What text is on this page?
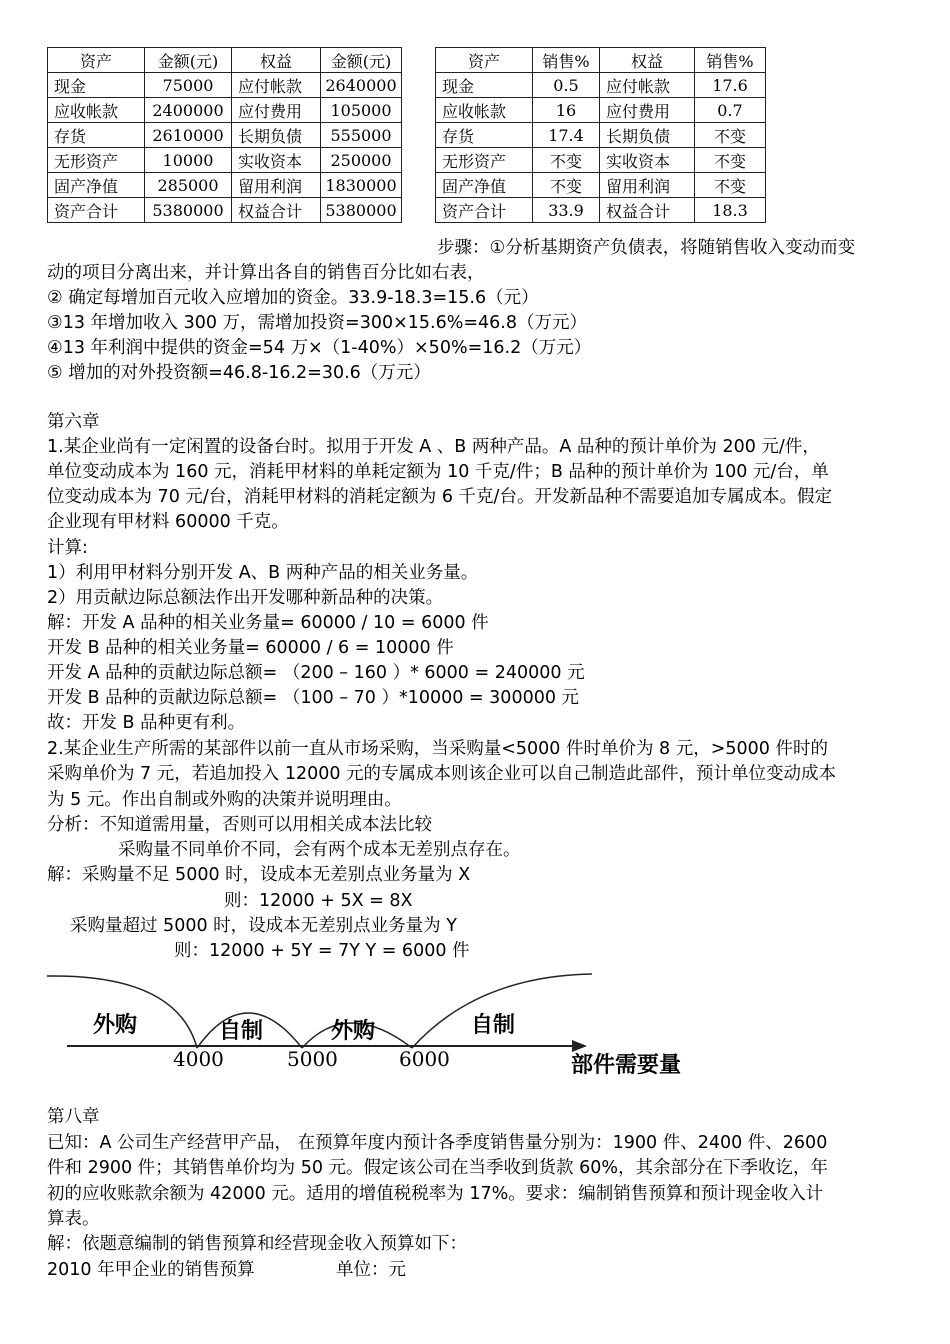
资产	金额(元)	权益	金额(元)
现金	75000	应付帐款	2640000
应收帐款	2400000	应付费用	105000
存货	2610000	长期负债	555000
无形资产	10000	实收资本	250000
固产净值	285000	留用利润	1830000
资产合计	5380000	权益合计	5380000
资产	销售%	权益	销售%
现金	0.5	应付帐款	17.6
应收帐款	16	应付费用	0.7
存货	17.4	长期负债	不变
无形资产	不变	实收资本	不变
固产净值	不变	留用利润	不变
资产合计	33.9	权益合计	18.3
步骤：①分析基期资产负债表，将随销售收入变动而变
动的项目分离出来，并计算出各自的销售百分比如右表，
② 确定每增加百元收入应增加的资金。33.9-18.3=15.6（元）
③13 年增加收入 300 万，需增加投资=300×15.6%=46.8（万元）
④13 年利润中提供的资金=54 万×（1-40%）×50%=16.2（万元）
⑤ 增加的对外投资额=46.8-16.2=30.6（万元）
第六章
1.某企业尚有一定闲置的设备台时。拟用于开发 A 、B 两种产品。A 品种的预计单价为 200 元/件，
单位变动成本为 160 元，消耗甲材料的单耗定额为 10 千克/件；B 品种的预计单价为 100 元/台，单
位变动成本为 70 元/台，消耗甲材料的消耗定额为 6 千克/台。开发新品种不需要追加专属成本。假定
企业现有甲材料 60000 千克。
计算:
1）利用甲材料分别开发 A、B 两种产品的相关业务量。
2）用贡献边际总额法作出开发哪种新品种的决策。
解：开发 A 品种的相关业务量= 60000 / 10 = 6000 件
开发 B 品种的相关业务量= 60000 / 6 = 10000 件
开发 A 品种的贡献边际总额= （200 – 160 ）* 6000 = 240000 元
开发 B 品种的贡献边际总额= （100 – 70 ）*10000 = 300000 元
故：开发 B 品种更有利。
2.某企业生产所需的某部件以前一直从市场采购，当采购量<5000 件时单价为 8 元，>5000 件时的
采购单价为 7 元，若追加投入 12000 元的专属成本则该企业可以自己制造此部件，预计单位变动成本
为 5 元。作出自制或外购的决策并说明理由。
分析：不知道需用量，否则可以用相关成本法比较
采购量不同单价不同，会有两个成本无差别点存在。
解：采购量不足 5000 时，设成本无差别点业务量为 X
则：12000 + 5X = 8X
采购量超过 5000 时，设成本无差别点业务量为 Y
则：12000 + 5Y = 7Y Y = 6000 件
外购	自制	外购	自制
4000	5000	6000	部件需要量
第八章
已知：A 公司生产经营甲产品， 在预算年度内预计各季度销售量分别为：1900 件、2400 件、2600
件和 2900 件；其销售单价均为 50 元。假定该公司在当季收到货款 60%，其余部分在下季收讫，年
初的应收账款余额为 42000 元。适用的增值税税率为 17%。要求：编制销售预算和预计现金收入计
算表。
解：依题意编制的销售预算和经营现金收入预算如下：
2010 年甲企业的销售预算	单位：元
